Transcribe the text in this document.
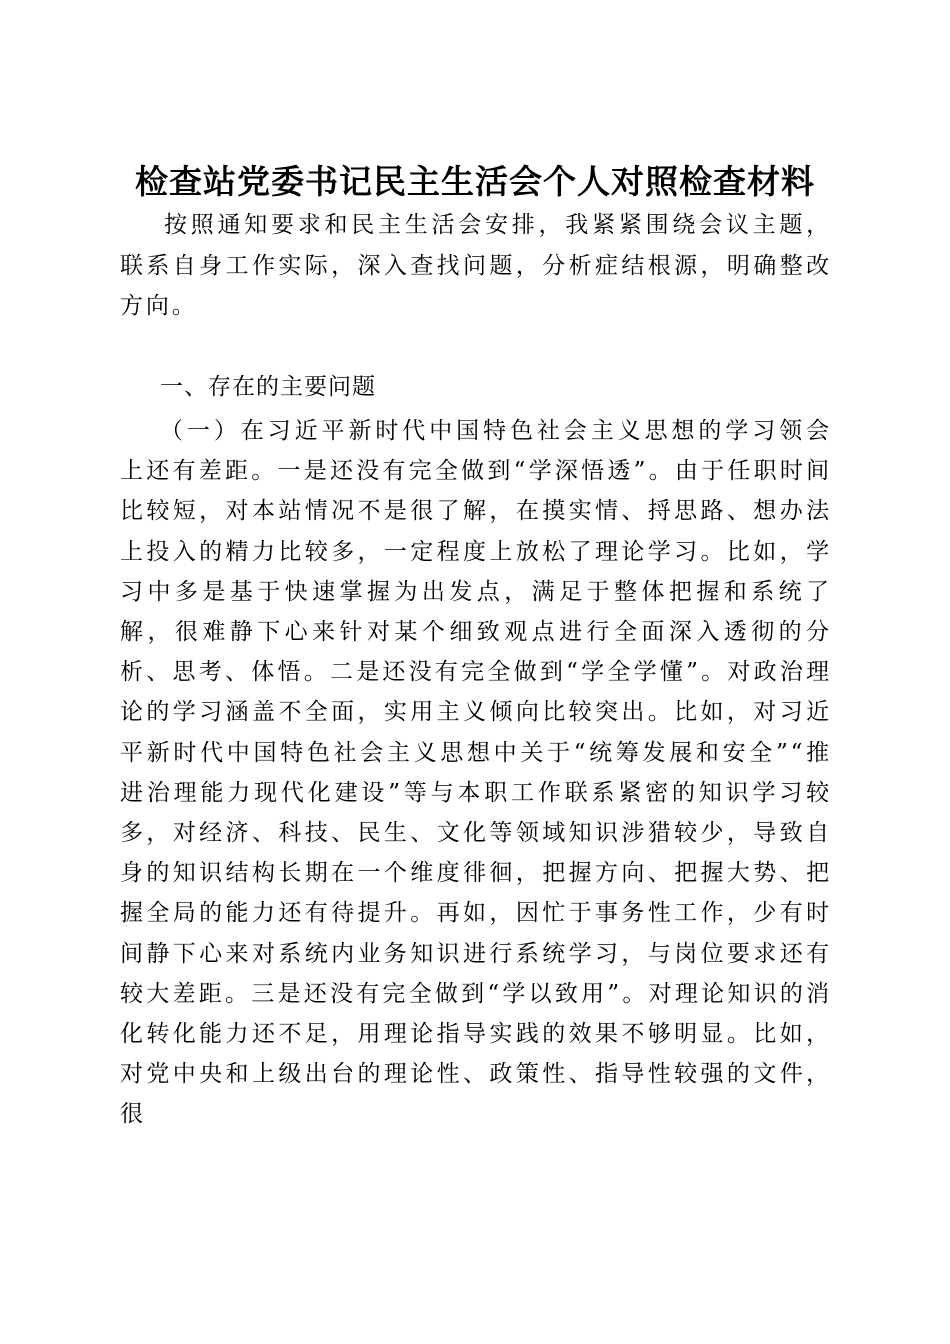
检查站党委书记民主生活会个人对照检查材料

按照通知要求和民主生活会安排，我紧紧围绕会议主题，联系自身工作实际，深入查找问题，分析症结根源，明确整改方向。

一、存在的主要问题

（一）在习近平新时代中国特色社会主义思想的学习领会上还有差距。一是还没有完全做到“学深悟透”。由于任职时间比较短，对本站情况不是很了解，在摸实情、捋思路、想办法上投入的精力比较多，一定程度上放松了理论学习。比如，学习中多是基于快速掌握为出发点，满足于整体把握和系统了解，很难静下心来针对某个细致观点进行全面深入透彻的分析、思考、体悟。二是还没有完全做到“学全学懂”。对政治理论的学习涵盖不全面，实用主义倾向比较突出。比如，对习近平新时代中国特色社会主义思想中关于“统筹发展和安全”“推进治理能力现代化建设”等与本职工作联系紧密的知识学习较多，对经济、科技、民生、文化等领域知识涉猎较少，导致自身的知识结构长期在一个维度徘徊，把握方向、把握大势、把握全局的能力还有待提升。再如，因忙于事务性工作，少有时间静下心来对系统内业务知识进行系统学习，与岗位要求还有较大差距。三是还没有完全做到“学以致用”。对理论知识的消化转化能力还不足，用理论指导实践的效果不够明显。比如，对党中央和上级出台的理论性、政策性、指导性较强的文件，很
